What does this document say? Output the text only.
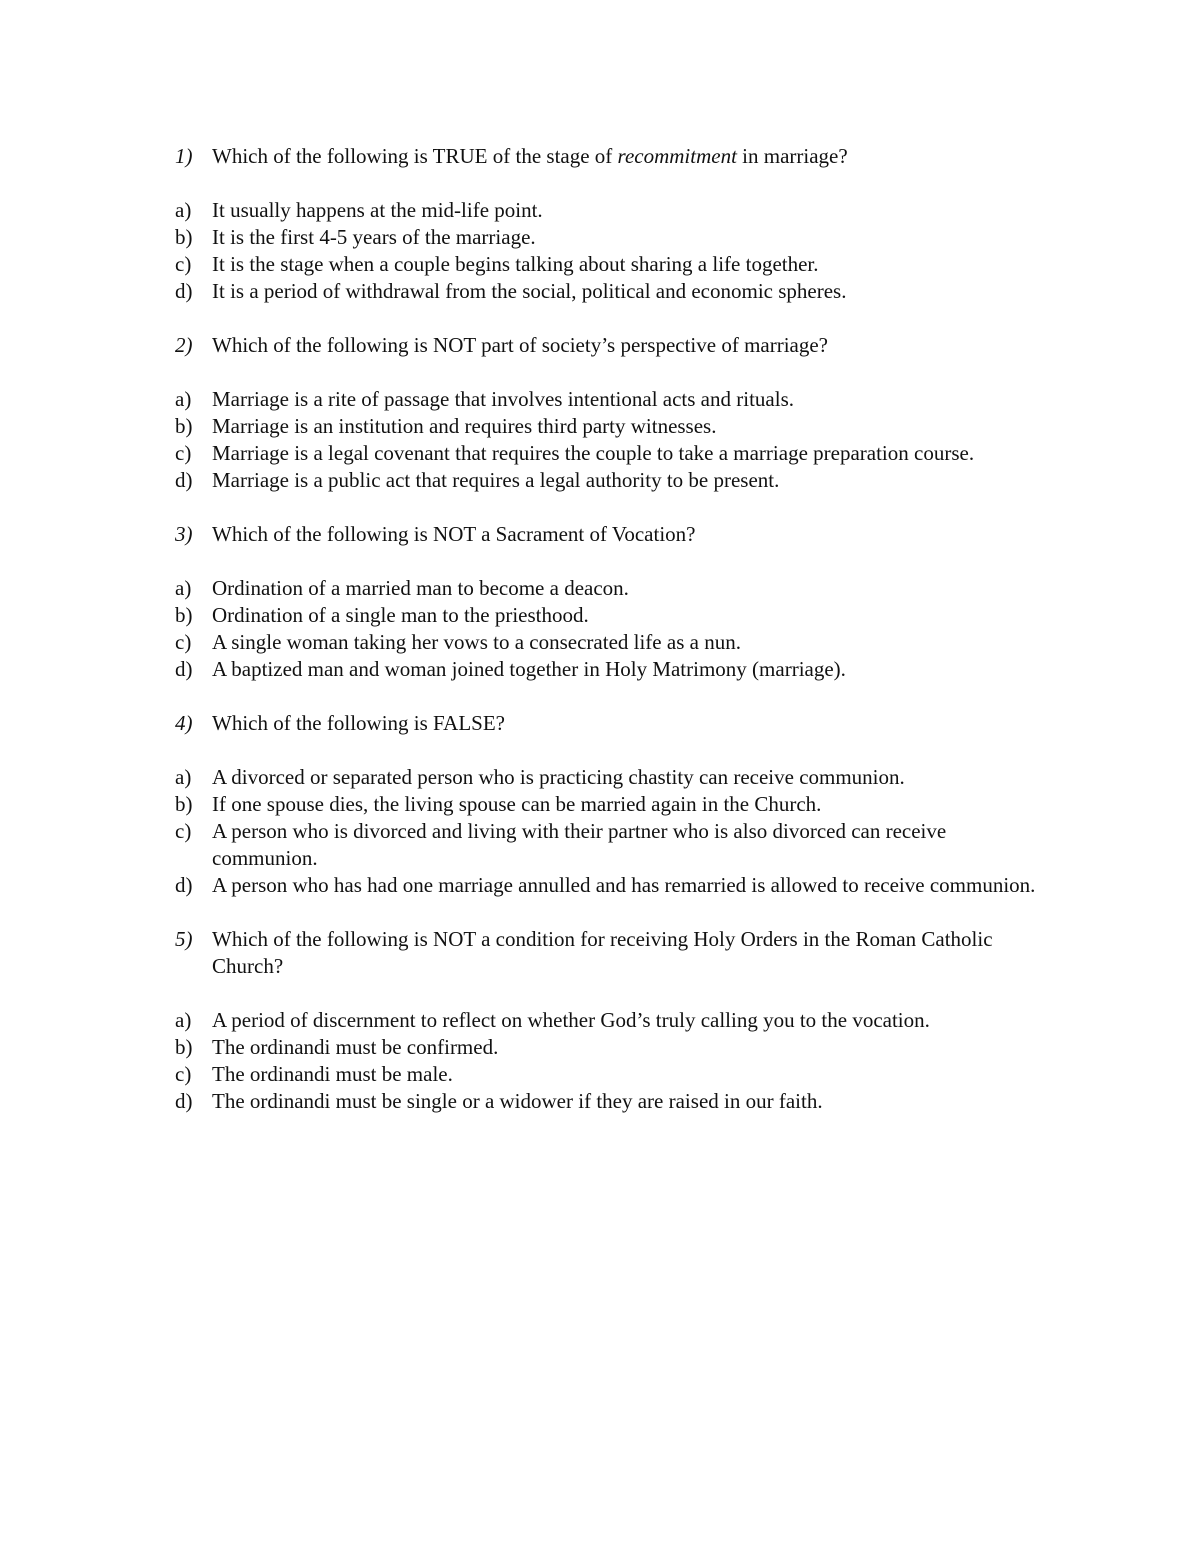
1) Which of the following is TRUE of the stage of recommitment in marriage?
a) It usually happens at the mid-life point.
b) It is the first 4-5 years of the marriage.
c) It is the stage when a couple begins talking about sharing a life together.
d) It is a period of withdrawal from the social, political and economic spheres.
2) Which of the following is NOT part of society’s perspective of marriage?
a) Marriage is a rite of passage that involves intentional acts and rituals.
b) Marriage is an institution and requires third party witnesses.
c) Marriage is a legal covenant that requires the couple to take a marriage preparation course.
d) Marriage is a public act that requires a legal authority to be present.
3) Which of the following is NOT a Sacrament of Vocation?
a) Ordination of a married man to become a deacon.
b) Ordination of a single man to the priesthood.
c) A single woman taking her vows to a consecrated life as a nun.
d) A baptized man and woman joined together in Holy Matrimony (marriage).
4) Which of the following is FALSE?
a) A divorced or separated person who is practicing chastity can receive communion.
b) If one spouse dies, the living spouse can be married again in the Church.
c) A person who is divorced and living with their partner who is also divorced can receive communion.
d) A person who has had one marriage annulled and has remarried is allowed to receive communion.
5) Which of the following is NOT a condition for receiving Holy Orders in the Roman Catholic Church?
a) A period of discernment to reflect on whether God’s truly calling you to the vocation.
b) The ordinandi must be confirmed.
c) The ordinandi must be male.
d) The ordinandi must be single or a widower if they are raised in our faith.
